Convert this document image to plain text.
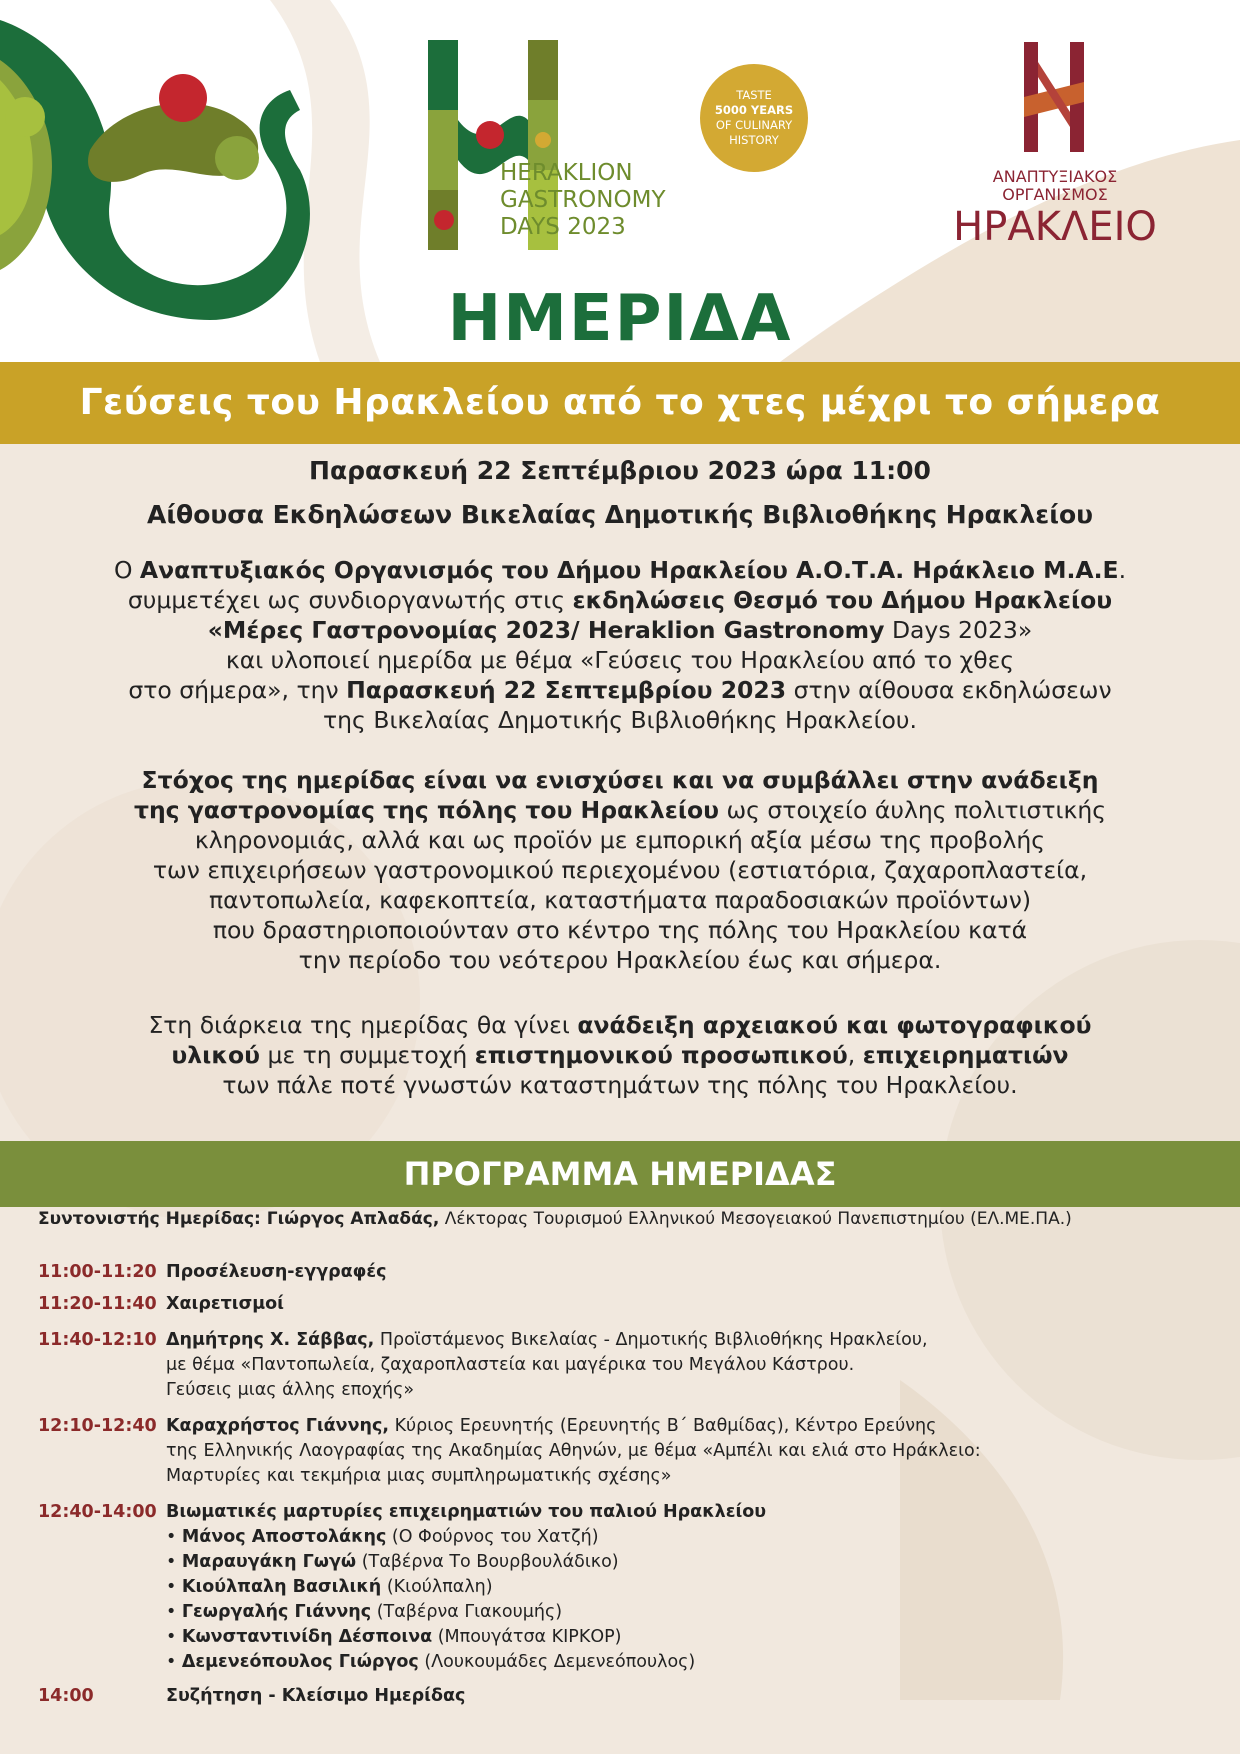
HERAKLION
GASTRONOMY
DAYS 2023
TASTE
5000 YEARS
OF CULINARY
HISTORY
ΑΝΑΠΤΥΞΙΑΚΟΣ
ΟΡΓΑΝΙΣΜΟΣ
ΗΡΑΚΛΕΙΟ
ΗΜΕΡΙΔΑ
Γεύσεις του Ηρακλείου από το χτες μέχρι το σήμερα
Παρασκευή 22 Σεπτέμβριου 2023 ώρα 11:00
Αίθουσα Εκδηλώσεων Βικελαίας Δημοτικής Βιβλιοθήκης Ηρακλείου
Ο Αναπτυξιακός Οργανισμός του Δήμου Ηρακλείου Α.Ο.Τ.Α. Ηράκλειο Μ.Α.Ε.
συμμετέχει ως συνδιοργανωτής στις εκδηλώσεις Θεσμό του Δήμου Ηρακλείου
«Μέρες Γαστρονομίας 2023/ Heraklion Gastronomy Days 2023»
και υλοποιεί ημερίδα με θέμα «Γεύσεις του Ηρακλείου από το χθες
στο σήμερα», την Παρασκευή 22 Σεπτεμβρίου 2023 στην αίθουσα εκδηλώσεων
της Βικελαίας Δημοτικής Βιβλιοθήκης Ηρακλείου.
Στόχος της ημερίδας είναι να ενισχύσει και να συμβάλλει στην ανάδειξη
της γαστρονομίας της πόλης του Ηρακλείου ως στοιχείο άυλης πολιτιστικής
κληρονομιάς, αλλά και ως προϊόν με εμπορική αξία μέσω της προβολής
των επιχειρήσεων γαστρονομικού περιεχομένου (εστιατόρια, ζαχαροπλαστεία,
παντοπωλεία, καφεκοπτεία, καταστήματα παραδοσιακών προϊόντων)
που δραστηριοποιούνταν στο κέντρο της πόλης του Ηρακλείου κατά
την περίοδο του νεότερου Ηρακλείου έως και σήμερα.
Στη διάρκεια της ημερίδας θα γίνει ανάδειξη αρχειακού και φωτογραφικού
υλικού με τη συμμετοχή επιστημονικού προσωπικού, επιχειρηματιών
των πάλε ποτέ γνωστών καταστημάτων της πόλης του Ηρακλείου.
ΠΡΟΓΡΑΜΜΑ ΗΜΕΡΙΔΑΣ
Συντονιστής Ημερίδας: Γιώργος Απλαδάς, Λέκτορας Τουρισμού Ελληνικού Μεσογειακού Πανεπιστημίου (ΕΛ.ΜΕ.ΠΑ.)
11:00-11:20 Προσέλευση-εγγραφές
11:20-11:40 Χαιρετισμοί
11:40-12:10 Δημήτρης Χ. Σάββας, Προϊστάμενος Βικελαίας - Δημοτικής Βιβλιοθήκης Ηρακλείου,
με θέμα «Παντοπωλεία, ζαχαροπλαστεία και μαγέρικα του Μεγάλου Κάστρου.
Γεύσεις μιας άλλης εποχής»
12:10-12:40 Καραχρήστος Γιάννης, Κύριος Ερευνητής (Ερευνητής Β΄ Βαθμίδας), Κέντρο Ερεύνης
της Ελληνικής Λαογραφίας της Ακαδημίας Αθηνών, με θέμα «Αμπέλι και ελιά στο Ηράκλειο:
Μαρτυρίες και τεκμήρια μιας συμπληρωματικής σχέσης»
12:40-14:00 Βιωματικές μαρτυρίες επιχειρηματιών του παλιού Ηρακλείου
• Μάνος Αποστολάκης (Ο Φούρνος του Χατζή)
• Μαραυγάκη Γωγώ (Ταβέρνα Το Βουρβουλάδικο)
• Κιούλπαλη Βασιλική (Κιούλπαλη)
• Γεωργαλής Γιάννης (Ταβέρνα Γιακουμής)
• Κωνσταντινίδη Δέσποινα (Μπουγάτσα ΚΙΡΚΟΡ)
• Δεμενεόπουλος Γιώργος (Λουκουμάδες Δεμενεόπουλος)
14:00	Συζήτηση - Κλείσιμο Ημερίδας
